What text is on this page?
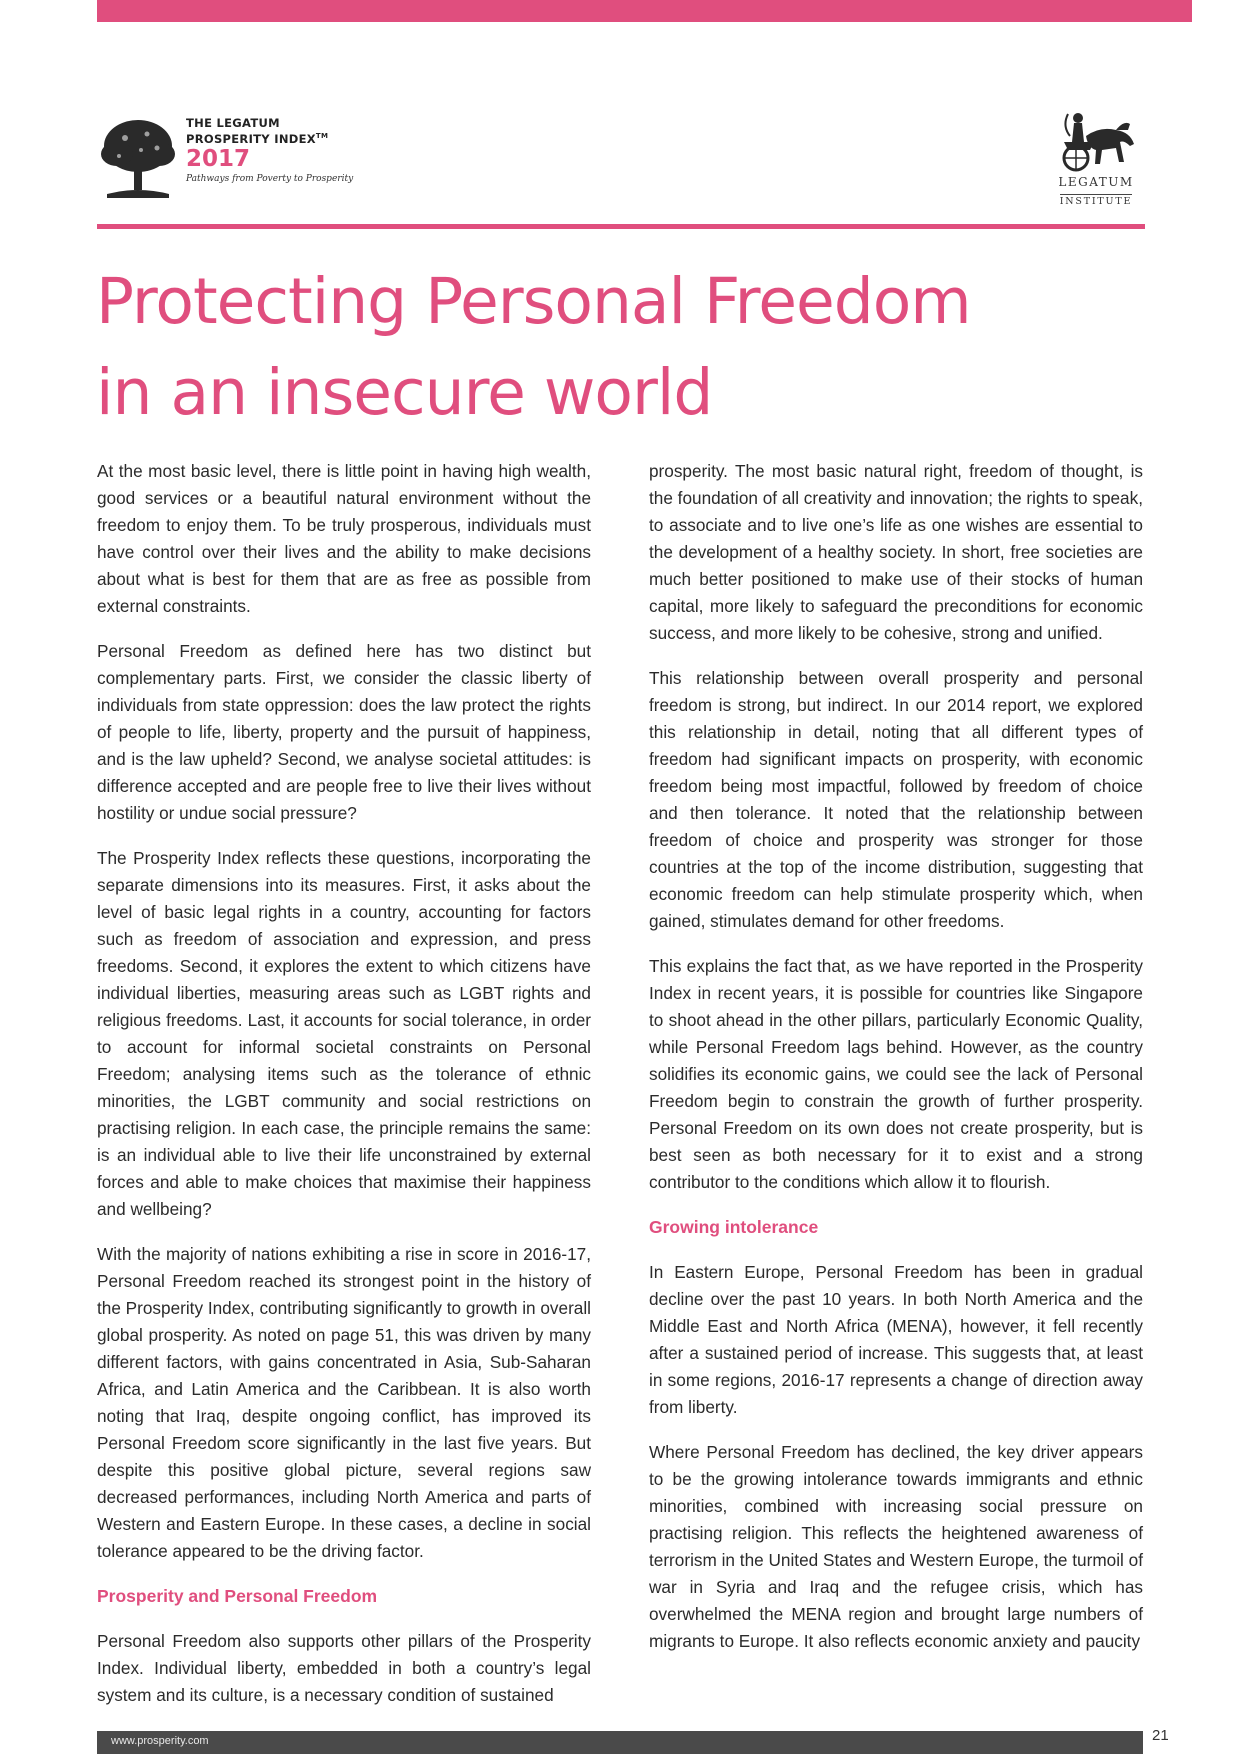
THE LEGATUM
PROSPERITY INDEX™
2017
Pathways from Poverty to Prosperity	LEGATUM
INSTITUTE
Protecting Personal Freedom
in an insecure world

At the most basic level, there is little point in having high wealth, good services or a beautiful natural environment without the freedom to enjoy them. To be truly prosperous, individuals must have control over their lives and the ability to make decisions about what is best for them that are as free as possible from external constraints.

Personal Freedom as defined here has two distinct but complementary parts. First, we consider the classic liberty of individuals from state oppression: does the law protect the rights of people to life, liberty, property and the pursuit of happiness, and is the law upheld? Second, we analyse societal attitudes: is difference accepted and are people free to live their lives without hostility or undue social pressure?

The Prosperity Index reflects these questions, incorporating the separate dimensions into its measures. First, it asks about the level of basic legal rights in a country, accounting for factors such as freedom of association and expression, and press freedoms. Second, it explores the extent to which citizens have individual liberties, measuring areas such as LGBT rights and religious freedoms. Last, it accounts for social tolerance, in order to account for informal societal constraints on Personal Freedom; analysing items such as the tolerance of ethnic minorities, the LGBT community and social restrictions on practising religion. In each case, the principle remains the same: is an individual able to live their life unconstrained by external forces and able to make choices that maximise their happiness and wellbeing?

With the majority of nations exhibiting a rise in score in 2016-17, Personal Freedom reached its strongest point in the history of the Prosperity Index, contributing significantly to growth in overall global prosperity. As noted on page 51, this was driven by many different factors, with gains concentrated in Asia, Sub-Saharan Africa, and Latin America and the Caribbean. It is also worth noting that Iraq, despite ongoing conflict, has improved its Personal Freedom score significantly in the last five years. But despite this positive global picture, several regions saw decreased performances, including North America and parts of Western and Eastern Europe. In these cases, a decline in social tolerance appeared to be the driving factor.

Prosperity and Personal Freedom

Personal Freedom also supports other pillars of the Prosperity Index. Individual liberty, embedded in both a country’s legal system and its culture, is a necessary condition of sustained

prosperity. The most basic natural right, freedom of thought, is the foundation of all creativity and innovation; the rights to speak, to associate and to live one’s life as one wishes are essential to the development of a healthy society. In short, free societies are much better positioned to make use of their stocks of human capital, more likely to safeguard the preconditions for economic success, and more likely to be cohesive, strong and unified.

This relationship between overall prosperity and personal freedom is strong, but indirect. In our 2014 report, we explored this relationship in detail, noting that all different types of freedom had significant impacts on prosperity, with economic freedom being most impactful, followed by freedom of choice and then tolerance. It noted that the relationship between freedom of choice and prosperity was stronger for those countries at the top of the income distribution, suggesting that economic freedom can help stimulate prosperity which, when gained, stimulates demand for other freedoms.

This explains the fact that, as we have reported in the Prosperity Index in recent years, it is possible for countries like Singapore to shoot ahead in the other pillars, particularly Economic Quality, while Personal Freedom lags behind. However, as the country solidifies its economic gains, we could see the lack of Personal Freedom begin to constrain the growth of further prosperity. Personal Freedom on its own does not create prosperity, but is best seen as both necessary for it to exist and a strong contributor to the conditions which allow it to flourish.

Growing intolerance

In Eastern Europe, Personal Freedom has been in gradual decline over the past 10 years. In both North America and the Middle East and North Africa (MENA), however, it fell recently after a sustained period of increase. This suggests that, at least in some regions, 2016-17 represents a change of direction away from liberty.

Where Personal Freedom has declined, the key driver appears to be the growing intolerance towards immigrants and ethnic minorities, combined with increasing social pressure on practising religion. This reflects the heightened awareness of terrorism in the United States and Western Europe, the turmoil of war in Syria and Iraq and the refugee crisis, which has overwhelmed the MENA region and brought large numbers of migrants to Europe. It also reflects economic anxiety and paucity

www.prosperity.com	21
